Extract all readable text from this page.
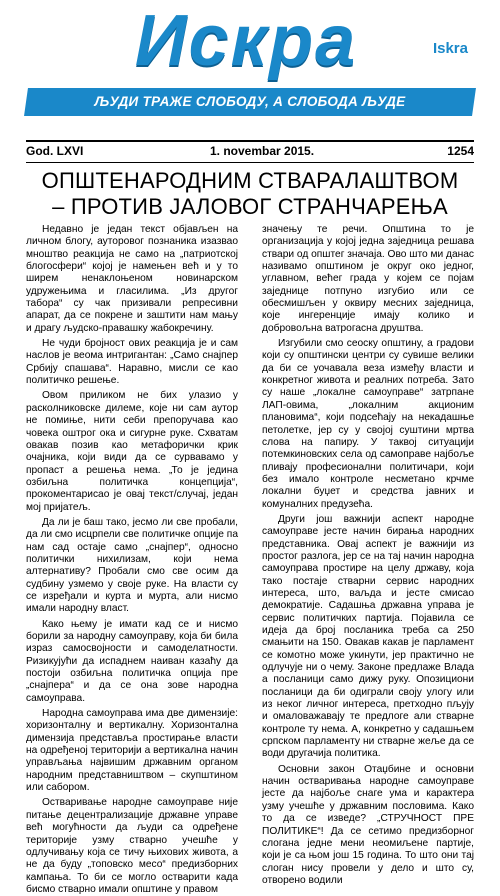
Искра	Iskra
ЉУДИ ТРАЖЕ СЛОБОДУ, А СЛОБОДА ЉУДЕ
God. LXVI	1. novembar 2015.	1254
ОПШТЕНАРОДНИМ СТВАРАЛАШТВОМ
– ПРОТИВ ЈАЛОВОГ СТРАНЧАРЕЊА

Недавно је један текст објављен на личном блогу, ауторовог познаника изазвао мноштво реакција не само на „патриотској блогосфери“ којој је намењен већ и у то ширем ненаклоњеном новинарском удружењима и гласилима. „Из другог табора“ су чак призивали репресивни апарат, да се покрене и заштити нам мању и драгу људско-правашку жабокречину.

Не чуди бројност ових реакција је и сам наслов је веома интригантан: „Само снајпер Србију спашава“. Наравно, мисли се као политичко решење.

Овом приликом не бих улазио у расколниковске дилеме, које ни сам аутор не помиње, нити себи препоручава као човека оштрог ока и сигурне руке. Схватам овакав позив као метафорички крик очајника, који види да се сурвавамо у пропаст а решења нема. „То је једина озбиљна политичка концепција“, прокоментарисао је овај текст/случај, један мој пријатељ.

Да ли је баш тако, јесмо ли све пробали, да ли смо исцрпели све политичке опције па нам сад остаје само „снајпер“, односно политички нихилизам, који нема алтернативу? Пробали смо све осим да судбину узмемо у своје руке. На власти су се изређали и курта и мурта, али нисмо имали народну власт.

Како њему је имати кад се и нисмо борили за народну самоуправу, која би била израз самосвојности и самоделатности. Ризикујући да испаднем наиван казаћу да постоји озбиљна политичка опција пре „снајпера“ и да се она зове народна самоуправа.

Народна самоуправа има две димензије: хоризонталну и вертикалну. Хоризонтална димензија представља простирање власти на одређеној територији а вертикална начин управљања највишим државним органом народним представништвом – скупштином или сабором.

Остваривање народне самоуправе није питање децентрализације државне управе већ могућности да људи са одређене територије узму стварно учешће у одлучивању која се тичу њихових живота, а не да буду „топовско месо“ предизборних кампања. То би се могло остварити када бисмо стварно имали општине у правом

значењу те речи. Општина то је организација у којој једна заједница решава ствари од општег значаја. Ово што ми данас називамо општином је округ око једног, углавном, већег града у којем се појам заједнице потпуно изгубио или се обесмишљен у оквиру месних заједница, које ингеренције имају колико и добровољна ватрогасна друштва.

Изгубили смо сеоску општину, а градови који су општински центри су сувише велики да би се уочавала веза између власти и конкретног живота и реалних потреба. Зато су наше „локалне самоуправе“ затрпане ЛАП-овима, „локалним акционим плановима“, који подсећају на некадашње петолетке, јер су у својој суштини мртва слова на папиру. У таквој ситуацији потемкиновских села од самоправе наjбоље пливају професионални политичари, који без имало контроле несметано крчме локални буџет и средства јавних и комуналних предузећа.

Други још важнији аспект народне самоуправе јесте начин бирања народних представника. Овај аспект је важнији из простог разлога, јер се на тај начин народна самоуправа простире на целу државу, која тако постаје стварни сервис народних интереса, што, ваљда и јесте смисао демократије. Садашња државна управа је сервис политичких партија. Појавила се идеја да број посланика треба са 250 смањити на 150. Овакав какав је парламент се комотно може укинути, јер практично не одлучује ни о чему. Законе предлаже Влада а посланици само дижу руку. Опозициони посланици да би одиграли своју улогу или из неког личног интереса, претходно пљују и омаловажавају те предлоге али стварне контроле ту нема. А, конкретно у садашњем српском парламенту ни стварне жеље да се води другачија политика.

Основни закон Отаџбине и основни начин остваривања народне самоуправе јесте да најбоље снаге ума и карактера узму учешће у државним пословима. Како то да се изведе? „СТРУЧНОСТ ПРЕ ПОЛИТИКЕ“! Да се сетимо предизборног слогана једне мени неомиљене партије, који је са њом још 15 година. То што они тај слоган нису провели у дело и што су, отворено водили
